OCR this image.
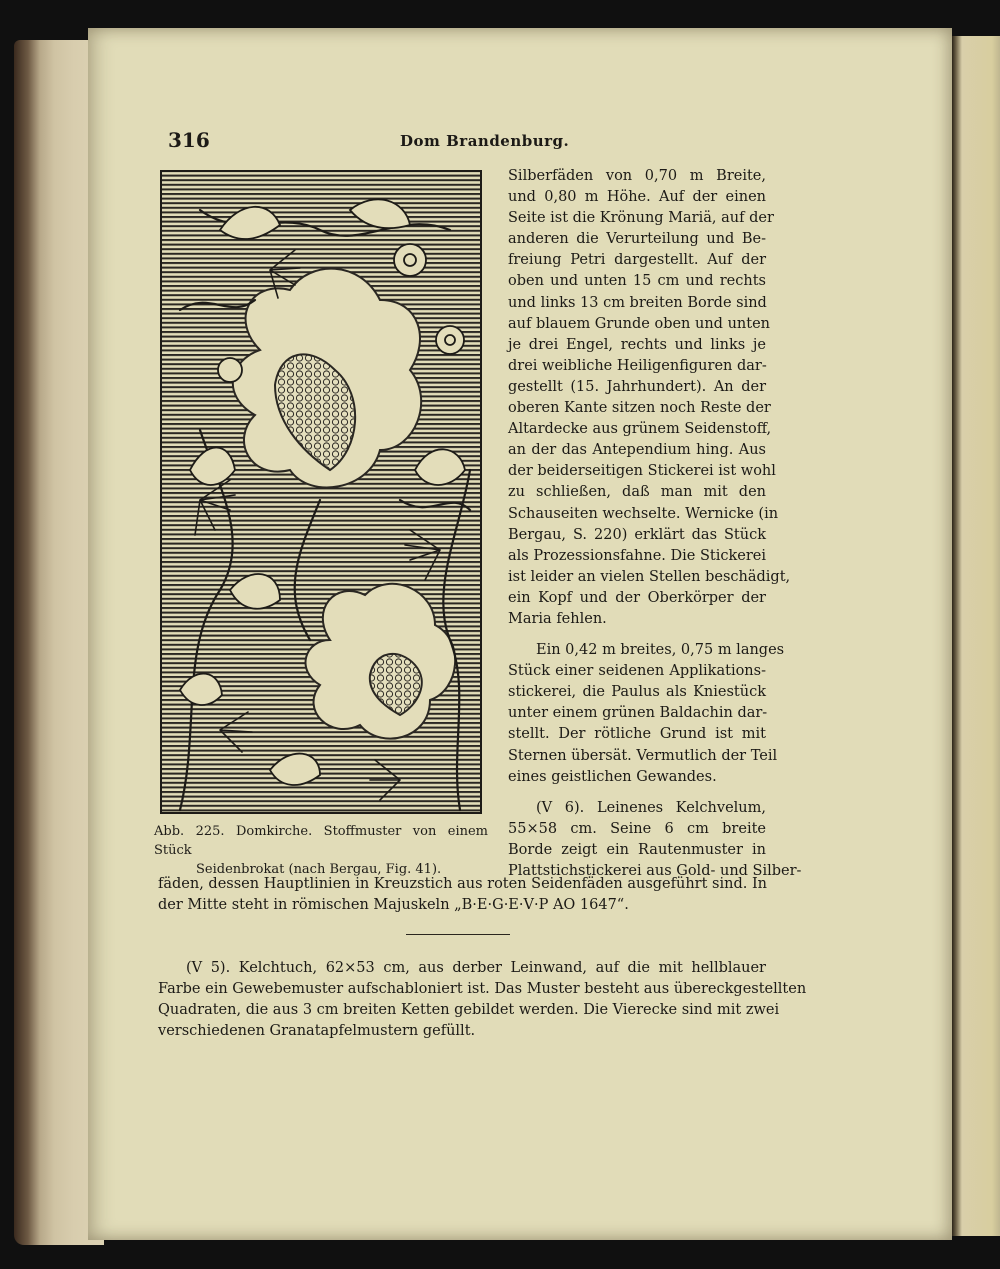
316	Dom Brandenburg.
Abb. 225. Domkirche. Stoffmuster von einem Stück
Seidenbrokat (nach Bergau, Fig. 41).
Silberfäden von 0,70 m Breite,
und 0,80 m Höhe. Auf der einen
Seite ist die Krönung Mariä, auf der
anderen die Verurteilung und Be-
freiung Petri dargestellt. Auf der
oben und unten 15 cm und rechts
und links 13 cm breiten Borde sind
auf blauem Grunde oben und unten
je drei Engel, rechts und links je
drei weibliche Heiligenfiguren dar-
gestellt (15. Jahrhundert). An der
oberen Kante sitzen noch Reste der
Altardecke aus grünem Seidenstoff,
an der das Antependium hing. Aus
der beiderseitigen Stickerei ist wohl
zu schließen, daß man mit den
Schauseiten wechselte. Wernicke (in
Bergau, S. 220) erklärt das Stück
als Prozessionsfahne. Die Stickerei
ist leider an vielen Stellen beschädigt,
ein Kopf und der Oberkörper der
Maria fehlen.
Ein 0,42 m breites, 0,75 m langes
Stück einer seidenen Applikations-
stickerei, die Paulus als Kniestück
unter einem grünen Baldachin dar-
stellt. Der rötliche Grund ist mit
Sternen übersät. Vermutlich der Teil
eines geistlichen Gewandes.
(V 6). Leinenes Kelchvelum,
55×58 cm. Seine 6 cm breite
Borde zeigt ein Rautenmuster in
Plattstichstickerei aus Gold- und Silber-
fäden, dessen Hauptlinien in Kreuzstich aus roten Seidenfäden ausgeführt sind. In
der Mitte steht in römischen Majuskeln „B·E·G·E·V·P AO 1647“.
(V 5). Kelchtuch, 62×53 cm, aus derber Leinwand, auf die mit hellblauer
Farbe ein Gewebemuster aufschabloniert ist. Das Muster besteht aus übereckgestellten
Quadraten, die aus 3 cm breiten Ketten gebildet werden. Die Vierecke sind mit zwei
verschiedenen Granatapfelmustern gefüllt.
